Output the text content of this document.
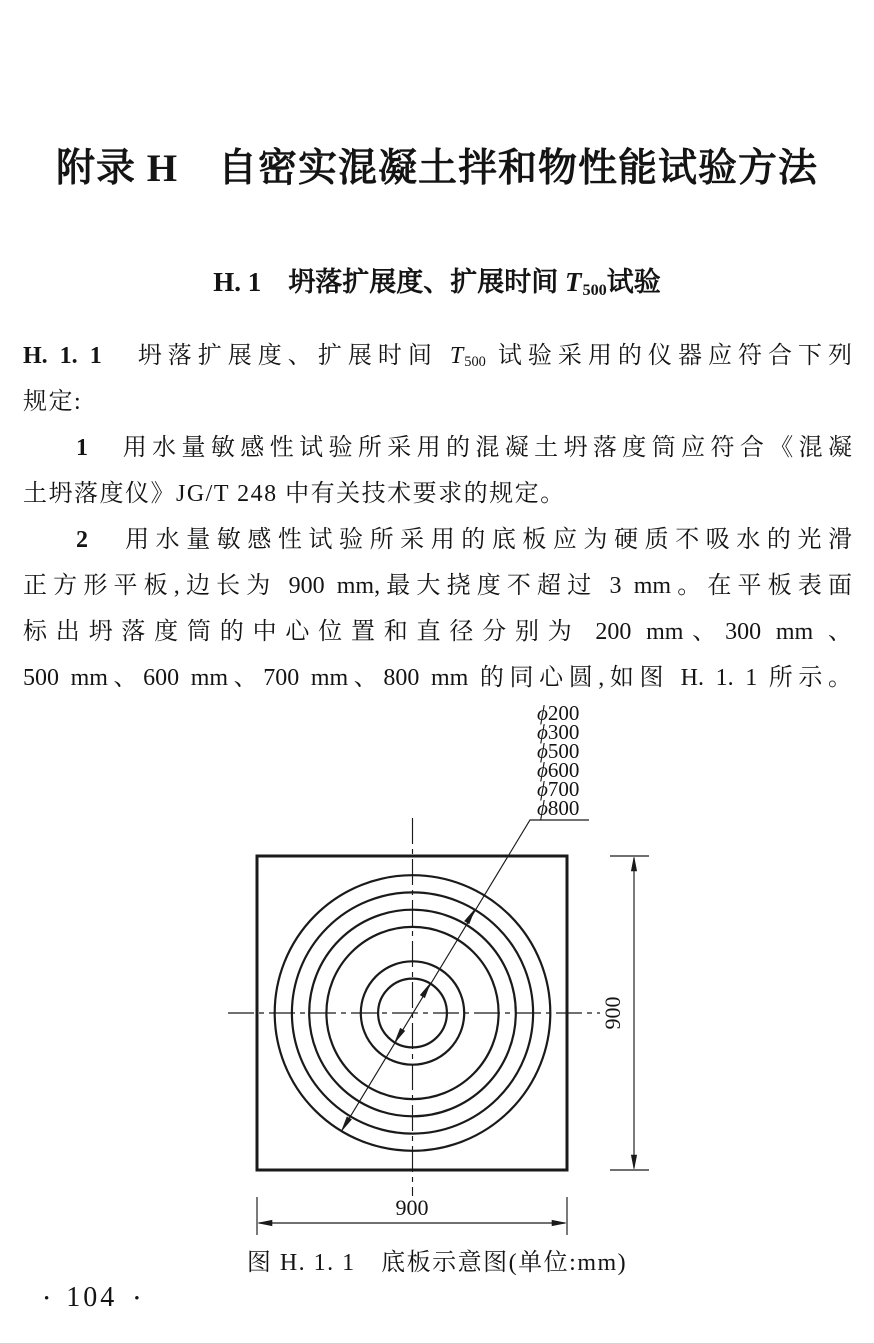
附录 H　自密实混凝土拌和物性能试验方法
H. 1　坍落扩展度、扩展时间 T500试验
H. 1. 1　坍落扩展度、扩展时间 T500 试验采用的仪器应符合下列
规定:
1　用水量敏感性试验所采用的混凝土坍落度筒应符合《混凝
土坍落度仪》JG/T 248 中有关技术要求的规定。
2　用水量敏感性试验所采用的底板应为硬质不吸水的光滑
正方形平板,边长为 900 mm,最大挠度不超过 3 mm。在平板表面
标出坍落度筒的中心位置和直径分别为 200 mm、300 mm 、
500 mm、600 mm、700 mm、800 mm 的同心圆,如图 H. 1. 1 所示。
ϕ200
ϕ300
ϕ500
ϕ600
ϕ700
ϕ800
900
900
图 H. 1. 1　底板示意图(单位:mm)
• 104 •
